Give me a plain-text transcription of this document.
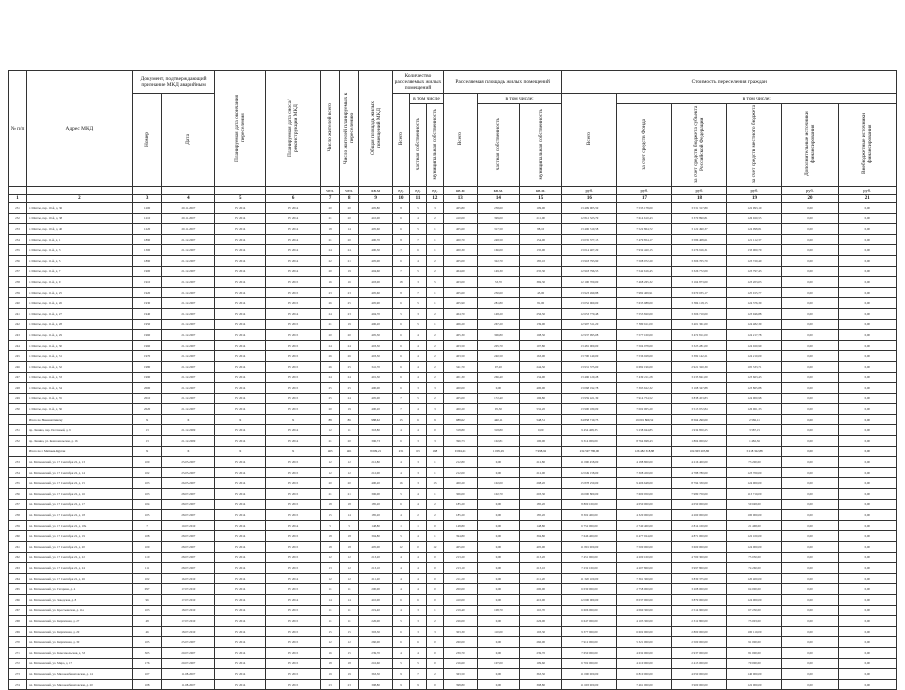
№ п/п	Адрес МКД	Документ, подтверждающий признание МКД аварийным		Планируемая дата окончания переселения	Планируемая дата сноса/реконструкции МКД	Число жителей всего	Число жителей планируемых к переселению	Общая площадь жилых помещений МКД	Количество расселяемых жилых помещений			Расселяемая площадь жилых помещений			Стоимость переселения граждан					
		Номер	Дата						Всего	в том числе		Всего	в том числе:		Всего	в том числе:				
										частная собственность	муниципальная собственность		частная собственность	муниципальная собственность		за счет средств Фонда	за счет средств бюджета субъекта Российской Федерации	за счет средств местного бюджета	Дополнительные источники финансирования	Внебюджетные источники финансирования
						чел.	чел.	кв.м	ед.	ед.	ед.	кв.м	кв.м.	кв.м.	руб.	руб.	руб.	руб.	руб.	руб.
1	2	3	4	5	6	7	8	9	10	11	12	13	14	15	16	17	18	19	20	21
231	г. Шахты, пер. 10-й, д. 36	1200	20.11.2007	IV 2014	IV 2014	20	20	405,80	8	5	3	405,80	258,60	109,00	13 499 905,59	7 535 178,00	3 531 317,89	122 993,19	0,00	0,00
232	г. Шахты, пер. 10-й, д. 38	1210	20.11.2007	IV 2014	IV 2014	21	20	410,00	6	4	2	410,00	399,00	211,00	12 812 323,79	7 614 610,43	3 370 890,81	126 020,55	0,00	0,00
233	г. Шахты, пер. 10-й, д. 40	1220	20.11.2007	IV 2014	IV 2014	18	14	405,60	6	5	1	405,60	317,50	88,10	13 406 310,58	7 522 804,72	3 122 490,37	124 098,81	0,00	0,00
234	г. Шахты, пер. 11-й, д. 1	1890	21.12.2007	IV 2014	IV 2014	21	20	400,70	8	7	1	400,70	248,50	154,00	13 035 377,15	7 479 854,17	3 586 408,61	121 112,37	0,00	0,00
235	г. Шахты, пер. 11-й, д. 3	1300	21.12.2007	IV 2014	IV 2014	24	24	400,30	7	6	1	400,30	166,00	135,00	13 014 407,29	7 932 420,15	3 276 916,31	133 000,79	0,00	0,00
236	г. Шахты, пер. 11-й, д. 5	1890	21.12.2007	IV 2014	IV 2014	22	21	405,00	6	4	2	405,00	322,70	185,10	13 918 793,90	7 508 972,20	3 306 705,79	123 720,40	0,00	0,00
237	г. Шахты, пер. 11-й, д. 7	1900	21.12.2007	IV 2014	IV 2014	20	19	404,60	7	5	2	404,60	149,30	235,30	12 918 796,53	7 542 616,45	3 326 772,09	123 797,43	0,00	0,00
238	г. Шахты, пер. 11-й, д. 9	1910	21.12.2007	IV 2014	IV 2015	16	16	403,00	18	3	5	403,00	33,70	369,30	12 100 700,00	7 468 265,32	3 164 873,00	123 203,03	0,00	0,00
239	г. Шахты, пер. 11-й, д. 25	1920	21.12.2007	IV 2014	IV 2015	23	23	405,60	8	7	1	405,60	250,60	45,00	13 923 499,88	7 982 409,91	3 670 035,17	125 015,77	0,00	0,00
240	г. Шахты, пер. 11-й, д. 26	1930	21.12.2007	IV 2014	IV 2015	26	25	405,90	6	5	1	405,90	281,80	81,00	13 052 960,00	7 635 988,00	3 384 118,15	124 376,39	0,00	0,00
241	г. Шахты, пер. 11-й, д. 27	1940	21.12.2007	IV 2014	IV 2014	24	23	404,70	5	3	2	404,70	148,20	256,50	12 653 770,48	7 553 820,00	3 306 710,00	123 946,88	0,00	0,00
242	г. Шахты, пер. 11-й, д. 28	1950	21.12.2007	IV 2014	IV 2015	21	19	406,20	6	5	1	406,20	267,20	139,00	12 997 311,20	7 580 611,00	3 401 361,00	124 482,39	0,00	0,00
243	г. Шахты, пер. 11-й, д. 29	1960	21.12.2007	IV 2014	IV 2015	20	20	405,30	6	4	2	405,30	306,80	108,50	12 937 995,08	7 577 100,00	3 472 811,00	124 217,78	0,00	0,00
244	г. Шахты, пер. 11-й, д. 30	1960	21.12.2007	IV 2014	IV 2015	24	24	403,50	6	4	2	403,50	205,70	197,80	13 481 000,00	7 504 978,00	3 323 281,00	124 020,99	0,00	0,00
245	г. Шахты, пер. 11-й, д. 31	1970	21.12.2007	IV 2014	IV 2015	26	26	403,50	6	4	2	403,50	240,50	163,00	13 700 140,00	7 536 928,00	3 382 142,21	124 210,00	0,00	0,00
246	г. Шахты, пер. 11-й, д. 32	1980	21.12.2007	IV 2014	IV 2015	26	25	341,70	6	4	2	341,70	97,20	244,50	13 931 375,00	6 682 196,00	2 921 320,39	105 333,71	0,00	0,00
247	г. Шахты, пер. 11-й, д. 33	1990	21.12.2007	IV 2014	IV 2015	24	24	401,30	6	4	2	401,30	266,40	134,90	13 496 120,28	7 439 211,28	3 235 841,00	123 663,43	0,00	0,00
248	г. Шахты, пер. 11-й, д. 34	2000	21.12.2007	IV 2014	IV 2015	25	25	400,00	6	3	3	400,00	0,00	400,00	13 068 192,78	7 393 622,32	3 168 347,88	123 865,88	0,00	0,00
249	г. Шахты, пер. 11-й, д. 35	2010	21.12.2007	IV 2014	IV 2015	25	24	405,00	7	5	2	405,00	172,40	196,80	13 959 421,39	7 914 754,52	3 838 453,83	124 900,98	0,00	0,00
250	г. Шахты, пер. 11-й, д. 36	2020	21.12.2007	IV 2014	IV 2015	20	19	400,20	7	4	3	400,20	95,30	532,20	13 900 180,09	7 002 005,20	3 513 972,84	126 961,33	0,00	0,00
	Итого по Новошахтинску	X	X	X	X	88	86	988,62	15	6	9	988,62	440,11	548,51	34 858 710,75	19 001 869,52	8 564 290,00	2 582,11	0,00	0,00
251	пр. Ленина, пер. Почтовый, д. 9	13	21.12.2009	IV 2014	IV 2014	12	11	318,80	4	4	0	318,80	318,80	0,00	9 454 408,35	5 238 944,85	1 934 850,25	3 587,15	0,00	0,00
252	пр. Ленина, ул. Комсомольская, д. 16	13	21.12.2009	IV 2014	IV 2014	21	20	396,73	6	3	3	396,73	102,81	100,00	9 314 009,09	8 764 698,43	1 804 000,02	1 482,36	0,00	0,00
	Итого по г. Матвеев-Курган	X	X	X	X	463	461	8 009,21	231	63	168	9 004,21	1 005,29	7 998,92	234 597 780,00	126 482 318,88	104 903 203,80	3 218 322,88	0,00	0,00
253	пл. Матвеевский, ул. 17 Сентября 22, д. 13	100	25.05.2007	IV 2014	IV 2015	12	12	212,80	4	3	1	212,80	0,00	212,80	11 000 458,00	4 188 800,00	4 216 400,00	73 200,00	0,00	0,00
254	пл. Матвеевский, ул. 17 Сентября 22, д. 14	102	25.05.2007	IV 2014	IV 2015	12	12	212,00	4	3	1	212,00	0,00	212,00	12 049 158,00	7 308 450,00	4 788 780,00	123 700,00	0,00	0,00
255	пл. Матвеевский, ул. 17 Сентября 22, д. 15	103	26.05.2007	IV 2014	IV 2015	20	20	400,20	16	3	13	400,20	102,00	298,20	15 878 250,00	9 406 648,00	8 794 330,00	124 900,00	0,00	0,00
256	пл. Матвеевский, ул. 17 Сентября 22, д. 16	103	28.07.2007	IV 2014	IV 2015	21	21	306,00	5	4	1	306,00	102,70	203,30	16 000 800,00	7 600 950,00	7 980 750,00	113 710,00	0,00	0,00
257	пл. Матвеевский, ул. 17 Сентября 22, д. 17	104	28.07.2007	IV 2014	IV 2015	18	18	185,20	6	4	2	185,20	0,00	185,20	8 800 100,00	4 050 000,00	4 050 000,00	59 048,00	0,00	0,00
258	пл. Матвеевский, ул. 17 Сентября 22, д. 18	105	28.07.2007	IV 2014	IV 2015	15	14	185,20	4	2	2	185,20	0,00	185,20	8 302 400,00	4 320 000,00	4 260 000,00	100 000,00	0,00	0,00
259	пл. Матвеевский, ул. 17 Сентября 22, д. 18а	7	10.07.2010	IV 2014	IV 2014	5	5	148,80	1	1	0	148,80	0,00	148,80	6 752 000,00	2 740 400,00	2 814 100,00	21 468,00	0,00	0,00
260	пл. Матвеевский, ул. 17 Сентября 22, д. 19	108	28.07.2007	IV 2014	IV 2015	18	18	394,80	5	4	1	394,80	0,00	394,80	7 646 400,00	6 477 024,00	4 871 000,00	122 100,00	0,00	0,00
261	пл. Матвеевский, ул. 17 Сентября 22, д. 20	109	28.07.2007	IV 2014	IV 2015	18	18	405,00	12	0	12	405,00	0,00	405,00	11 801 000,00	7 500 000,00	3 600 000,00	124 000,00	0,00	0,00
262	пл. Матвеевский, ул. 17 Сентября 22, д. 22	110	28.07.2007	IV 2014	IV 2015	12	12	213,20	4	4	0	213,20	0,00	213,20	7 451 900,00	4 200 100,00	4 700 300,00	75 050,00	0,00	0,00
263	пл. Матвеевский, ул. 17 Сентября 22, д. 24	111	28.07.2007	IV 2014	IV 2015	13	12	213,10	4	4	0	213,10	0,00	213,10	7 232 100,00	4 207 800,00	3 997 800,00	74 260,00	0,00	0,00
264	пл. Матвеевский, ул. 17 Сентября 22, д. 26	102	16.07.2010	IV 2014	IV 2014	12	12	211,20	4	4	0	211,20	0,00	211,20	11 320 100,00	7 361 300,00	3 830 375,00	120 400,00	0,00	0,00
265	пл. Матвеевский, ул. Гагарина, д. 4	097	17.07.2010	IV 2014	IV 2015	11	11	200,00	4	4	0	200,00	0,00	200,00	6 030 000,00	2 758 000,00	3 208 000,00	64 000,00	0,00	0,00
266	пл. Матвеевский, ул. Заводская, д. 8	96	17.07.2010	IV 2014	IV 2014	14	14	410,00	6	6	0	410,00	0,00	410,00	12 000 000,00	8 037 000,00	3 879 000,00	124 000,00	0,00	0,00
267	пл. Матвеевский, ул. Крестьянская, д. 11а	103	18.07.2010	IV 2014	IV 2015	11	11	219,40	4	3	1	219,40	108,70	110,70	6 606 000,00	4 060 300,00	2 514 900,00	67 230,00	0,00	0,00
268	пл. Матвеевский, ул. Кирпичная, д. 27	48	17.07.2010	IV 2014	IV 2015	11	11	226,00	5	3	2	226,00	0,00	226,00	6 647 000,00	4 103 300,00	2 312 800,00	75 003,00	0,00	0,00
269	пл. Матвеевский, ул. Кирпичная, д. 29	46	18.07.2010	IV 2014	IV 2015	15	15	303,30	6	3	3	303,30	110,00	193,30	9 377 900,00	6 602 900,00	2 800 000,00	100 110,00	0,00	0,00
270	пл. Матвеевский, ул. Кирпичная, д. 30	105	25.07.2007	IV 2014	IV 2015	12	12	260,00	6	6	0	260,00	0,00	260,00	7 912 000,00	5 321 000,00	2 500 000,00	91 000,00	0,00	0,00
271	пл. Матвеевский, ул. Комсомольская, д. 33	305	20.07.2007	IV 2014	IV 2015	16	15	239,70	4	4	0	239,70	0,00	239,70	7 650 000,00	4 632 000,00	2 937 000,00	81 000,00	0,00	0,00
272	пл. Матвеевский, ул. Мира, д. 17	176	20.07.2007	IV 2014	IV 2015	18	18	216,60	5	5	0	216,60	107,00	109,60	6 702 000,00	4 210 000,00	2 413 000,00	79 000,00	0,00	0,00
273	пл. Матвеевский, ул. Мясокомбинатовская, д. 14	107	11.08.2007	IV 2014	IV 2015	19	19	363,50	9	7	2	363,50	0,00	363,50	11 000 000,00	6 810 000,00	4 050 000,00	140 000,00	0,00	0,00
274	пл. Матвеевский, ул. Мясокомбинатовская, д. 20	108	11.08.2007	IV 2014	IV 2015	23	23	398,80	9	9	0	398,80	0,00	398,80	11 603 000,00	7 461 000,00	3 900 000,00	122 000,00	0,00	0,00
